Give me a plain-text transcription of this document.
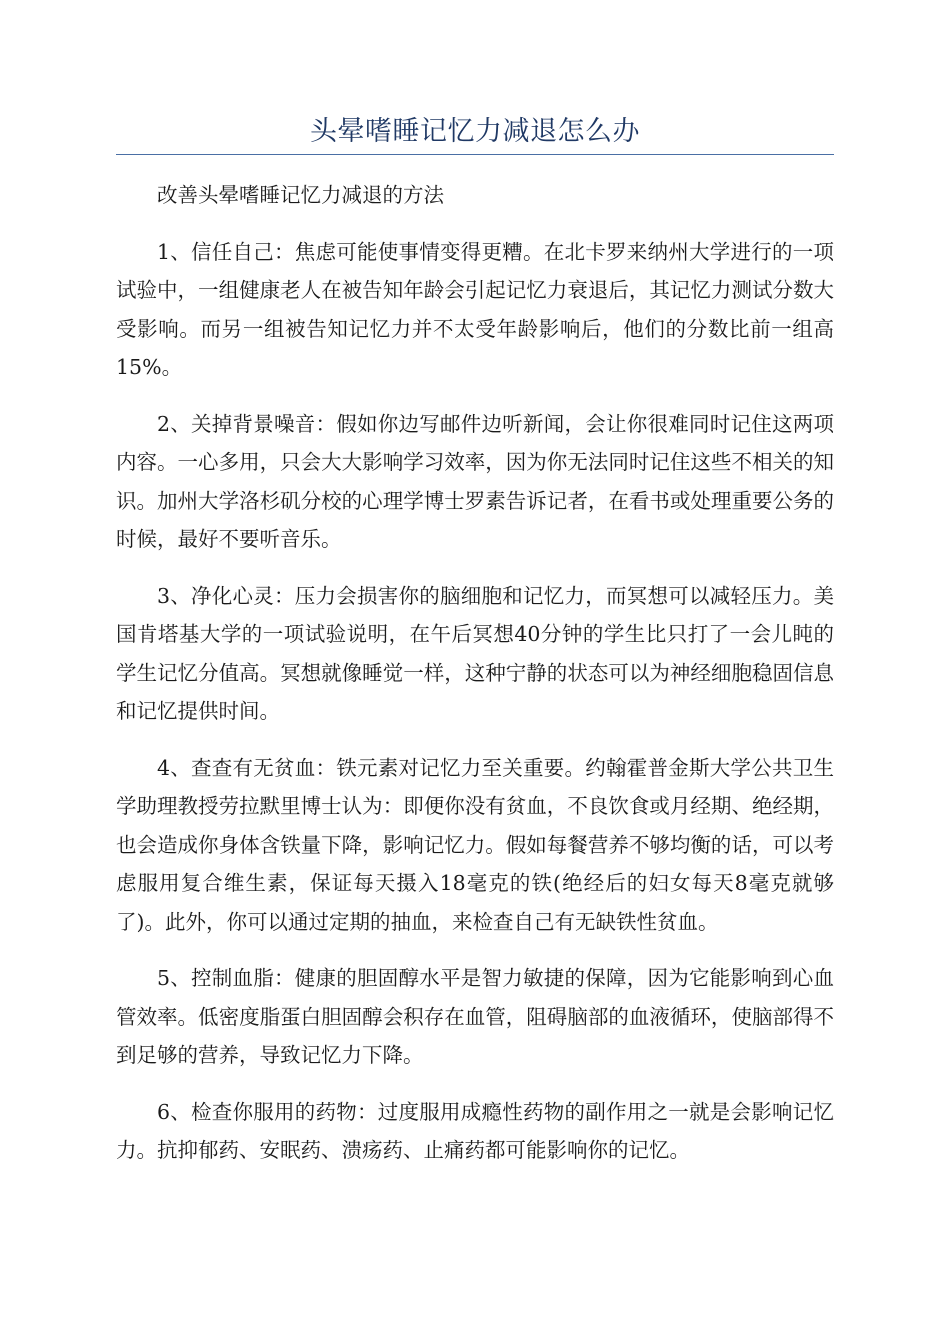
头晕嗜睡记忆力减退怎么办

改善头晕嗜睡记忆力减退的方法

1、信任自己：焦虑可能使事情变得更糟。在北卡罗来纳州大学进行的一项试验中，一组健康老人在被告知年龄会引起记忆力衰退后，其记忆力测试分数大受影响。而另一组被告知记忆力并不太受年龄影响后，他们的分数比前一组高15%。

2、关掉背景噪音：假如你边写邮件边听新闻，会让你很难同时记住这两项内容。一心多用，只会大大影响学习效率，因为你无法同时记住这些不相关的知识。加州大学洛杉矶分校的心理学博士罗素告诉记者，在看书或处理重要公务的时候，最好不要听音乐。

3、净化心灵：压力会损害你的脑细胞和记忆力，而冥想可以减轻压力。美国肯塔基大学的一项试验说明，在午后冥想40分钟的学生比只打了一会儿盹的学生记忆分值高。冥想就像睡觉一样，这种宁静的状态可以为神经细胞稳固信息和记忆提供时间。

4、查查有无贫血：铁元素对记忆力至关重要。约翰霍普金斯大学公共卫生学助理教授劳拉默里博士认为：即便你没有贫血，不良饮食或月经期、绝经期，也会造成你身体含铁量下降，影响记忆力。假如每餐营养不够均衡的话，可以考虑服用复合维生素，保证每天摄入18毫克的铁(绝经后的妇女每天8毫克就够了)。此外，你可以通过定期的抽血，来检查自己有无缺铁性贫血。

5、控制血脂：健康的胆固醇水平是智力敏捷的保障，因为它能影响到心血管效率。低密度脂蛋白胆固醇会积存在血管，阻碍脑部的血液循环，使脑部得不到足够的营养，导致记忆力下降。

6、检查你服用的药物：过度服用成瘾性药物的副作用之一就是会影响记忆力。抗抑郁药、安眠药、溃疡药、止痛药都可能影响你的记忆。
